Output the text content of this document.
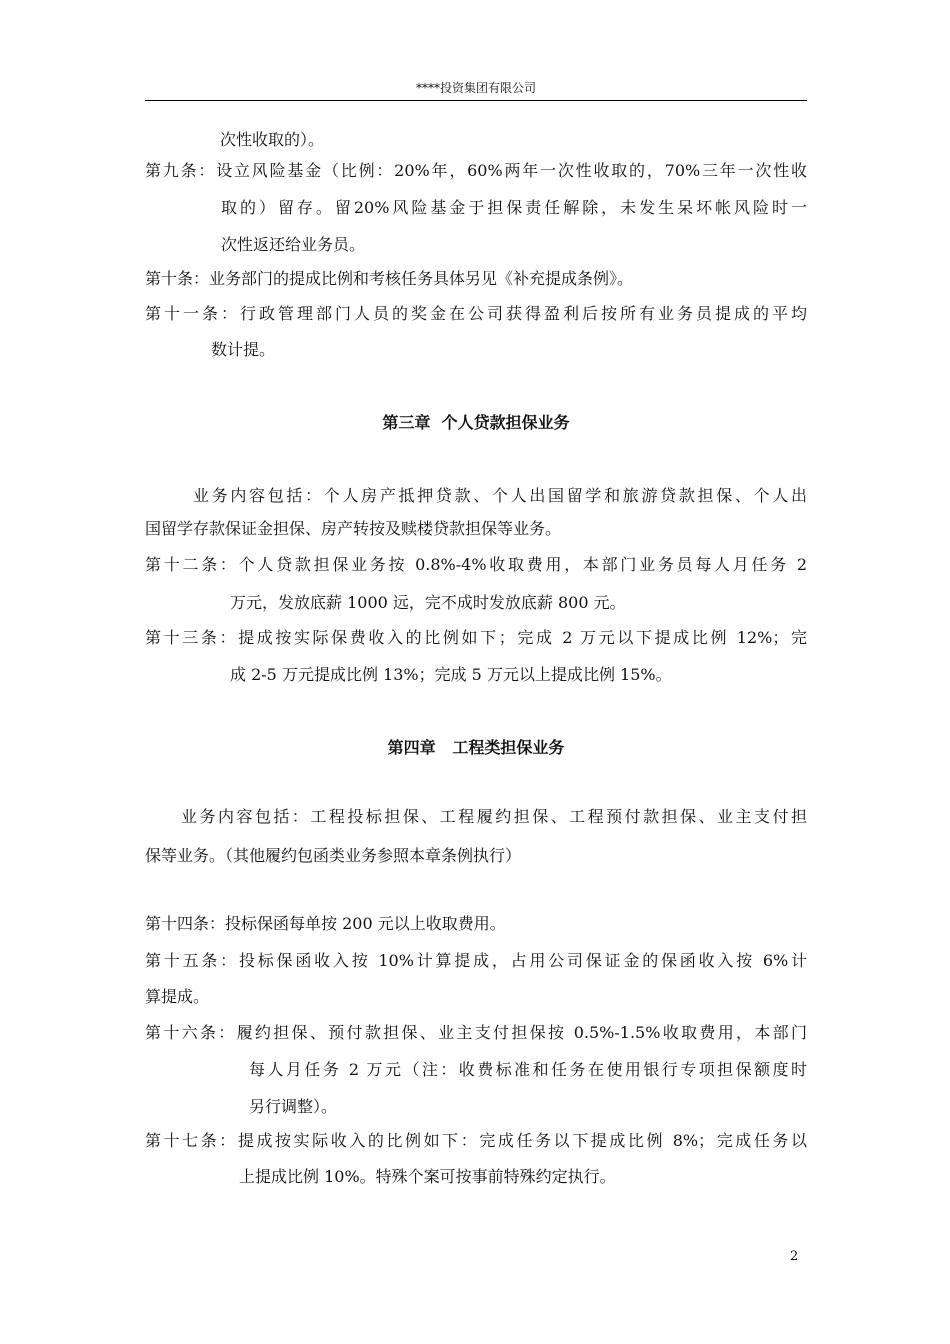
****投资集团有限公司
次性收取的）。
第九条：设立风险基金（比例：20%年，60%两年一次性收取的，70%三年一次性收
取的）留存。留20%风险基金于担保责任解除，未发生呆坏帐风险时一
次性返还给业务员。
第十条：业务部门的提成比例和考核任务具体另见《补充提成条例》。
第十一条：行政管理部门人员的奖金在公司获得盈利后按所有业务员提成的平均
数计提。
第三章  个人贷款担保业务
业务内容包括：个人房产抵押贷款、个人出国留学和旅游贷款担保、个人出
国留学存款保证金担保、房产转按及赎楼贷款担保等业务。
第十二条：个人贷款担保业务按 0.8%-4%收取费用，本部门业务员每人月任务 2
万元，发放底薪 1000 远，完不成时发放底薪 800 元。
第十三条：提成按实际保费收入的比例如下；完成 2 万元以下提成比例 12%；完
成 2-5 万元提成比例 13%；完成 5 万元以上提成比例 15%。
第四章   工程类担保业务
业务内容包括：工程投标担保、工程履约担保、工程预付款担保、业主支付担
保等业务。（其他履约包函类业务参照本章条例执行）
第十四条：投标保函每单按 200 元以上收取费用。
第十五条：投标保函收入按 10%计算提成，占用公司保证金的保函收入按 6%计
算提成。
第十六条：履约担保、预付款担保、业主支付担保按 0.5%-1.5%收取费用，本部门
每人月任务 2 万元（注：收费标准和任务在使用银行专项担保额度时
另行调整）。
第十七条：提成按实际收入的比例如下：完成任务以下提成比例 8%；完成任务以
上提成比例 10%。特殊个案可按事前特殊约定执行。
2
